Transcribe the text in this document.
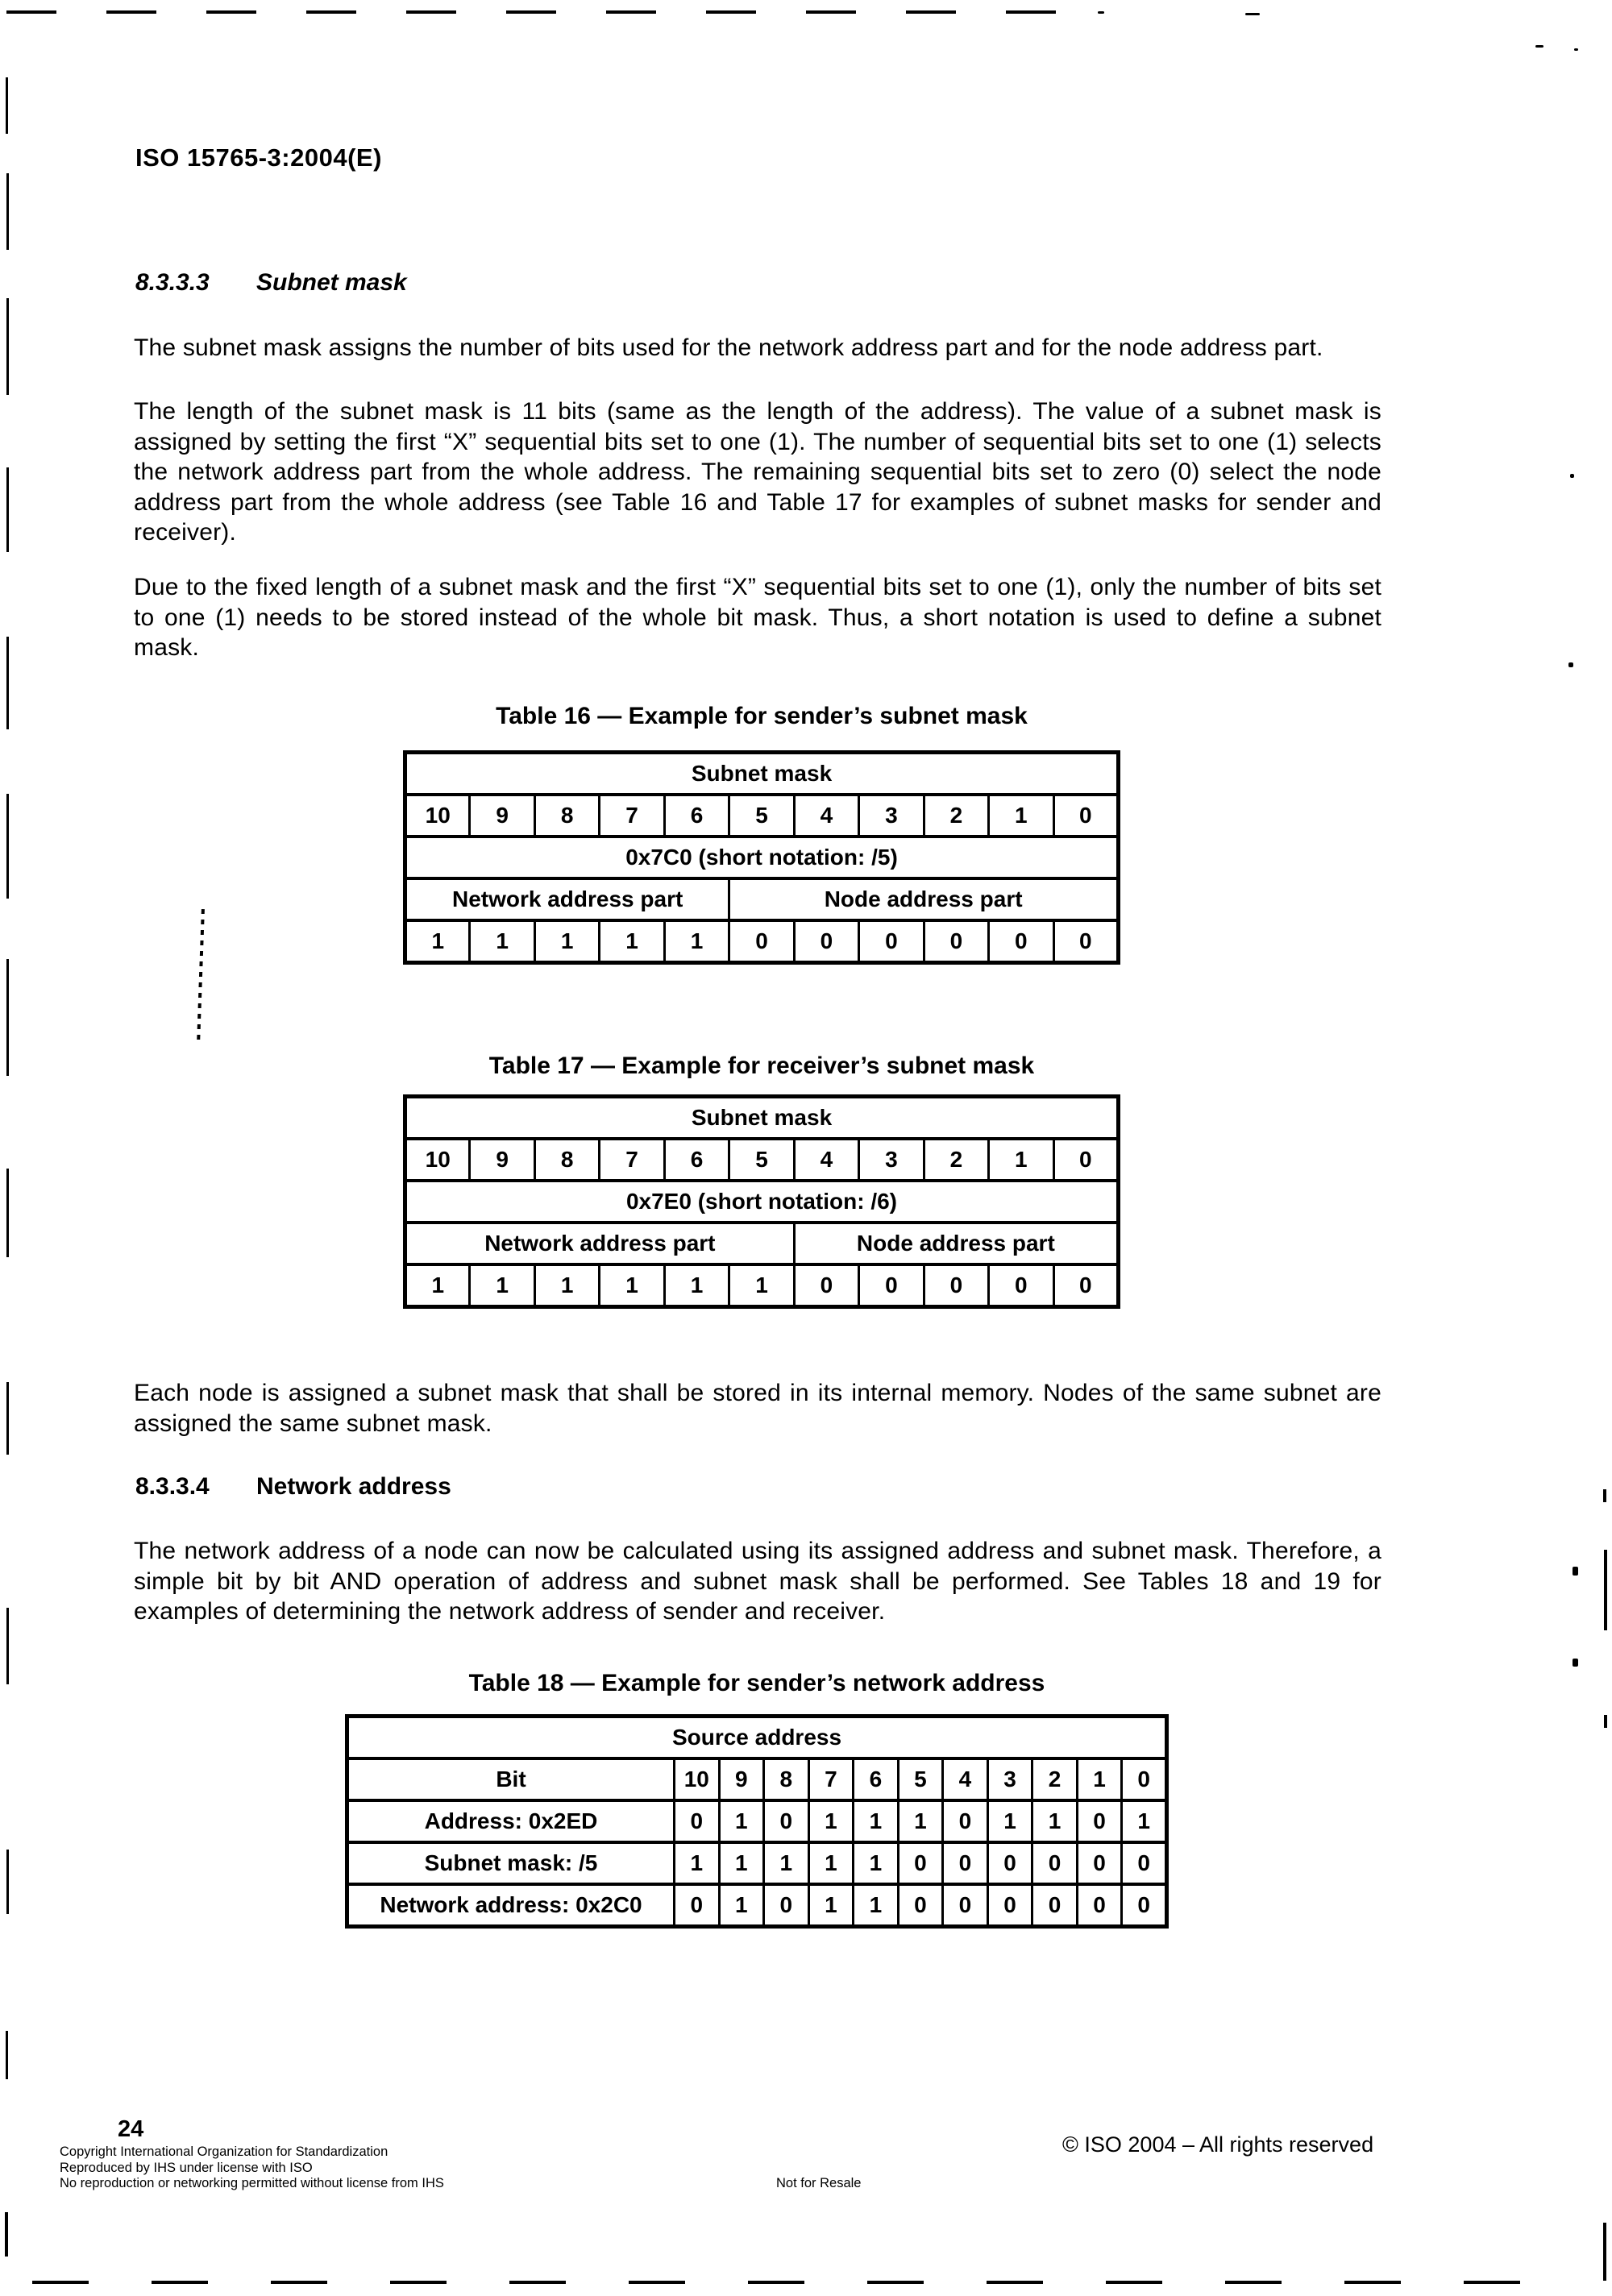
ISO 15765-3:2004(E)
8.3.3.3 Subnet mask

The subnet mask assigns the number of bits used for the network address part and for the node address part.

The length of the subnet mask is 11 bits (same as the length of the address). The value of a subnet mask is assigned by setting the first “X” sequential bits set to one (1). The number of sequential bits set to one (1) selects the network address part from the whole address. The remaining sequential bits set to zero (0) select the node address part from the whole address (see Table 16 and Table 17 for examples of subnet masks for sender and receiver).

Due to the fixed length of a subnet mask and the first “X” sequential bits set to one (1), only the number of bits set to one (1) needs to be stored instead of the whole bit mask. Thus, a short notation is used to define a subnet mask.

Table 16 — Example for sender’s subnet mask
Subnet mask										
10	9	8	7	6	5	4	3	2	1	0
0x7C0 (short notation: /5)										
Network address part					Node address part					
1	1	1	1	1	0	0	0	0	0	0
Table 17 — Example for receiver’s subnet mask
Subnet mask										
10	9	8	7	6	5	4	3	2	1	0
0x7E0 (short notation: /6)										
Network address part						Node address part				
1	1	1	1	1	1	0	0	0	0	0

Each node is assigned a subnet mask that shall be stored in its internal memory. Nodes of the same subnet are assigned the same subnet mask.

8.3.3.4 Network address

The network address of a node can now be calculated using its assigned address and subnet mask. Therefore, a simple bit by bit AND operation of address and subnet mask shall be performed. See Tables 18 and 19 for examples of determining the network address of sender and receiver.

Table 18 — Example for sender’s network address
Source address											
Bit	10	9	8	7	6	5	4	3	2	1	0
Address: 0x2ED	0	1	0	1	1	1	0	1	1	0	1
Subnet mask: /5	1	1	1	1	1	0	0	0	0	0	0
Network address: 0x2C0	0	1	0	1	1	0	0	0	0	0	0
24
Copyright International Organization for Standardization
Reproduced by IHS under license with ISO
No reproduction or networking permitted without license from IHS	Not for Resale
© ISO 2004 – All rights reserved
